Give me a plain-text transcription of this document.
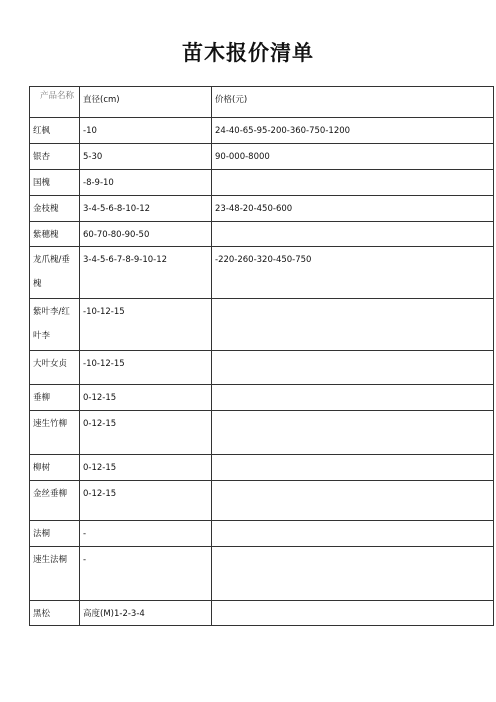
苗木报价清单
产品名称	直径(cm)	价格(元)

红枫	-10	24-40-65-95-200-360-750-1200

银杏	5-30	90-000-8000

国槐	-8-9-10	

金枝槐	3-4-5-6-8-10-12	23-48-20-450-600

紫穗槐	60-70-80-90-50	

龙爪槐/垂槐	3-4-5-6-7-8-9-10-12	-220-260-320-450-750

紫叶李/红叶李	-10-12-15	

大叶女贞	-10-12-15	

垂柳	0-12-15	

速生竹柳	0-12-15	

柳树	0-12-15	

金丝垂柳	0-12-15	

法桐	-	

速生法桐	-	

黑松	高度(M)1-2-3-4	
